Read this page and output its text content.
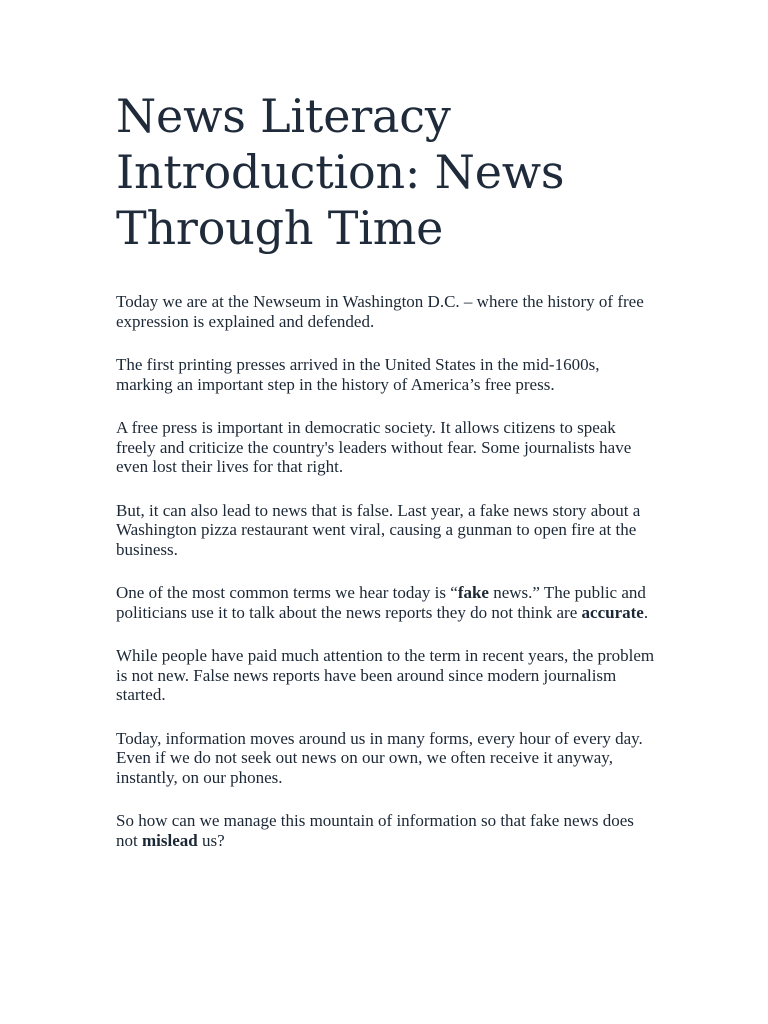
News Literacy Introduction: News Through Time

Today we are at the Newseum in Washington D.C. – where the history of free expression is explained and defended.

The first printing presses arrived in the United States in the mid-1600s, marking an important step in the history of America’s free press.

A free press is important in democratic society. It allows citizens to speak freely and criticize the country's leaders without fear. Some journalists have even lost their lives for that right.

But, it can also lead to news that is false. Last year, a fake news story about a Washington pizza restaurant went viral, causing a gunman to open fire at the business.

One of the most common terms we hear today is “fake news.” The public and politicians use it to talk about the news reports they do not think are accurate.

While people have paid much attention to the term in recent years, the problem is not new. False news reports have been around since modern journalism started.

Today, information moves around us in many forms, every hour of every day. Even if we do not seek out news on our own, we often receive it anyway, instantly, on our phones.

So how can we manage this mountain of information so that fake news does not mislead us?
